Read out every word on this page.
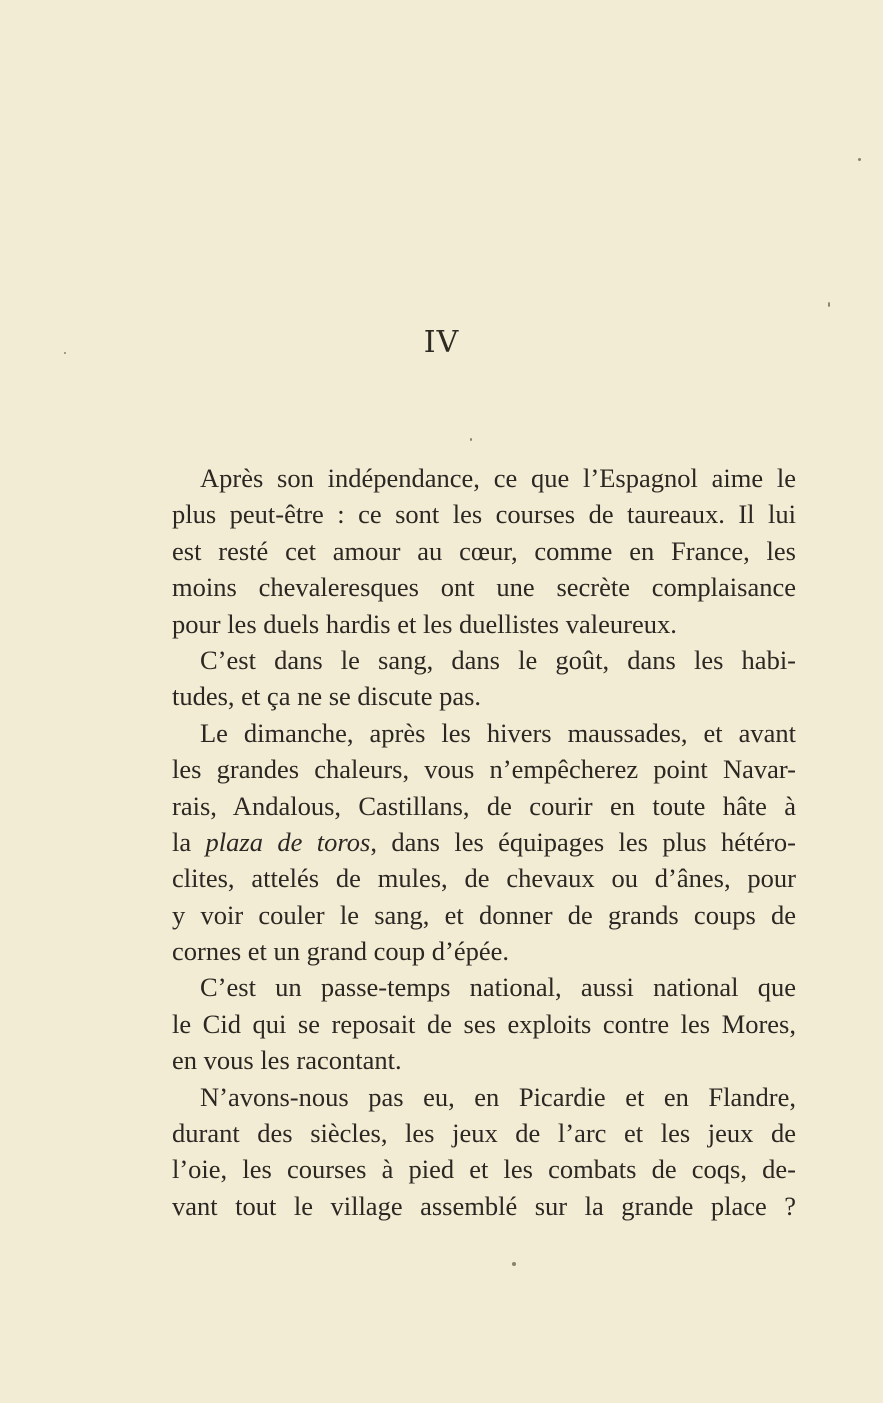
IV
Après son indépendance, ce que l’Espagnol aime le
plus peut-être : ce sont les courses de taureaux. Il lui
est resté cet amour au cœur, comme en France, les
moins chevaleresques ont une secrète complaisance
pour les duels hardis et les duellistes valeureux.
C’est dans le sang, dans le goût, dans les habi-
tudes, et ça ne se discute pas.
Le dimanche, après les hivers maussades, et avant
les grandes chaleurs, vous n’empêcherez point Navar-
rais, Andalous, Castillans, de courir en toute hâte à
la plaza de toros, dans les équipages les plus hétéro-
clites, attelés de mules, de chevaux ou d’ânes, pour
y voir couler le sang, et donner de grands coups de
cornes et un grand coup d’épée.
C’est un passe-temps national, aussi national que
le Cid qui se reposait de ses exploits contre les Mores,
en vous les racontant.
N’avons-nous pas eu, en Picardie et en Flandre,
durant des siècles, les jeux de l’arc et les jeux de
l’oie, les courses à pied et les combats de coqs, de-
vant tout le village assemblé sur la grande place ?
